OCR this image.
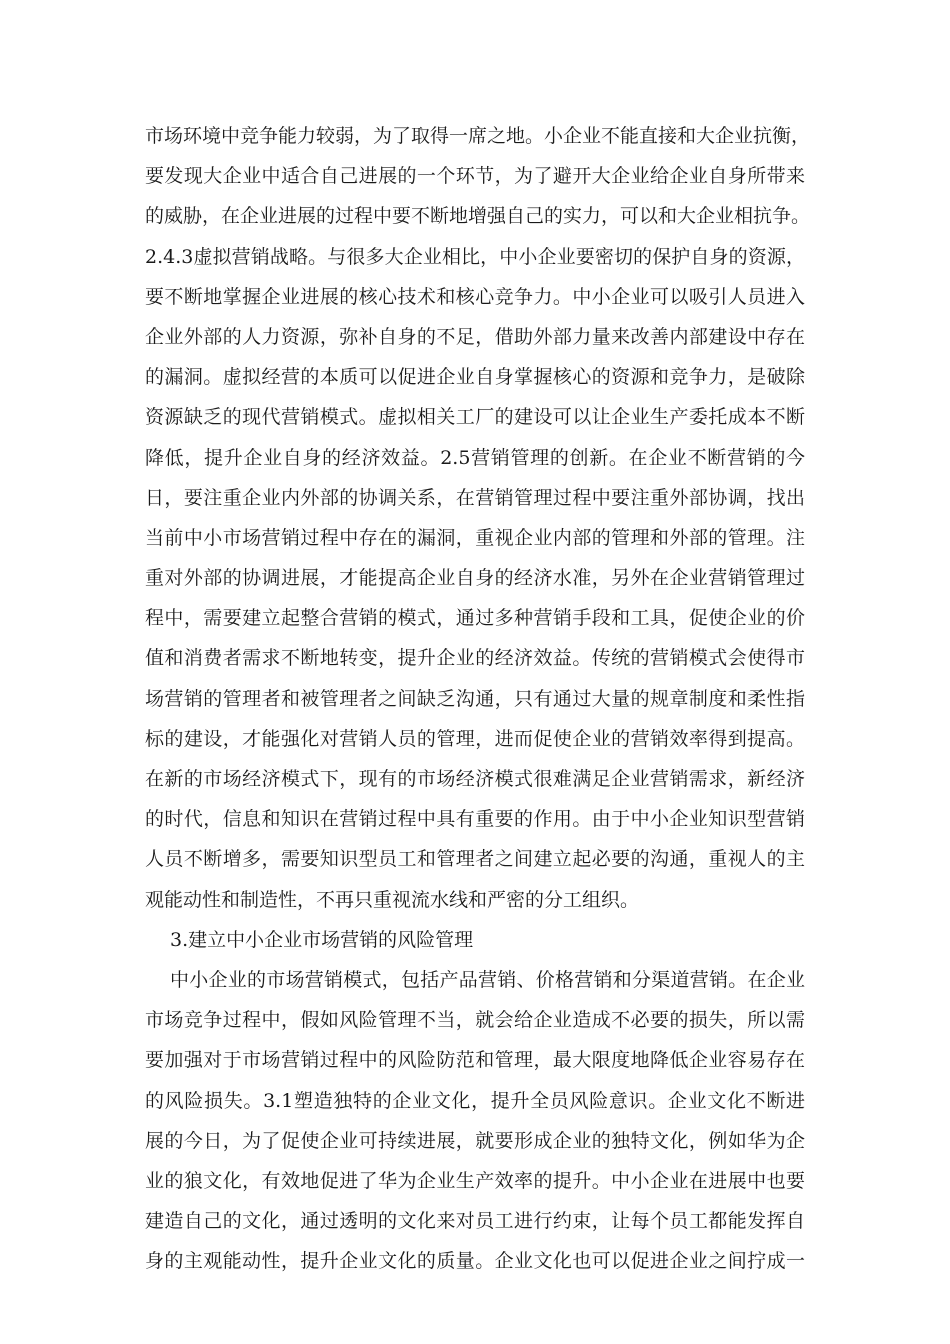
市场环境中竞争能力较弱，为了取得一席之地。小企业不能直接和大企业抗衡，
要发现大企业中适合自己进展的一个环节，为了避开大企业给企业自身所带来
的威胁，在企业进展的过程中要不断地增强自己的实力，可以和大企业相抗争。
2.4.3虚拟营销战略。与很多大企业相比，中小企业要密切的保护自身的资源，
要不断地掌握企业进展的核心技术和核心竞争力。中小企业可以吸引人员进入
企业外部的人力资源，弥补自身的不足，借助外部力量来改善内部建设中存在
的漏洞。虚拟经营的本质可以促进企业自身掌握核心的资源和竞争力，是破除
资源缺乏的现代营销模式。虚拟相关工厂的建设可以让企业生产委托成本不断
降低，提升企业自身的经济效益。2.5营销管理的创新。在企业不断营销的今
日，要注重企业内外部的协调关系，在营销管理过程中要注重外部协调，找出
当前中小市场营销过程中存在的漏洞，重视企业内部的管理和外部的管理。注
重对外部的协调进展，才能提高企业自身的经济水准，另外在企业营销管理过
程中，需要建立起整合营销的模式，通过多种营销手段和工具，促使企业的价
值和消费者需求不断地转变，提升企业的经济效益。传统的营销模式会使得市
场营销的管理者和被管理者之间缺乏沟通，只有通过大量的规章制度和柔性指
标的建设，才能强化对营销人员的管理，进而促使企业的营销效率得到提高。
在新的市场经济模式下，现有的市场经济模式很难满足企业营销需求，新经济
的时代，信息和知识在营销过程中具有重要的作用。由于中小企业知识型营销
人员不断增多，需要知识型员工和管理者之间建立起必要的沟通，重视人的主
观能动性和制造性，不再只重视流水线和严密的分工组织。
3.建立中小企业市场营销的风险管理
中小企业的市场营销模式，包括产品营销、价格营销和分渠道营销。在企业
市场竞争过程中，假如风险管理不当，就会给企业造成不必要的损失，所以需
要加强对于市场营销过程中的风险防范和管理，最大限度地降低企业容易存在
的风险损失。3.1塑造独特的企业文化，提升全员风险意识。企业文化不断进
展的今日，为了促使企业可持续进展，就要形成企业的独特文化，例如华为企
业的狼文化，有效地促进了华为企业生产效率的提升。中小企业在进展中也要
建造自己的文化，通过透明的文化来对员工进行约束，让每个员工都能发挥自
身的主观能动性，提升企业文化的质量。企业文化也可以促进企业之间拧成一
